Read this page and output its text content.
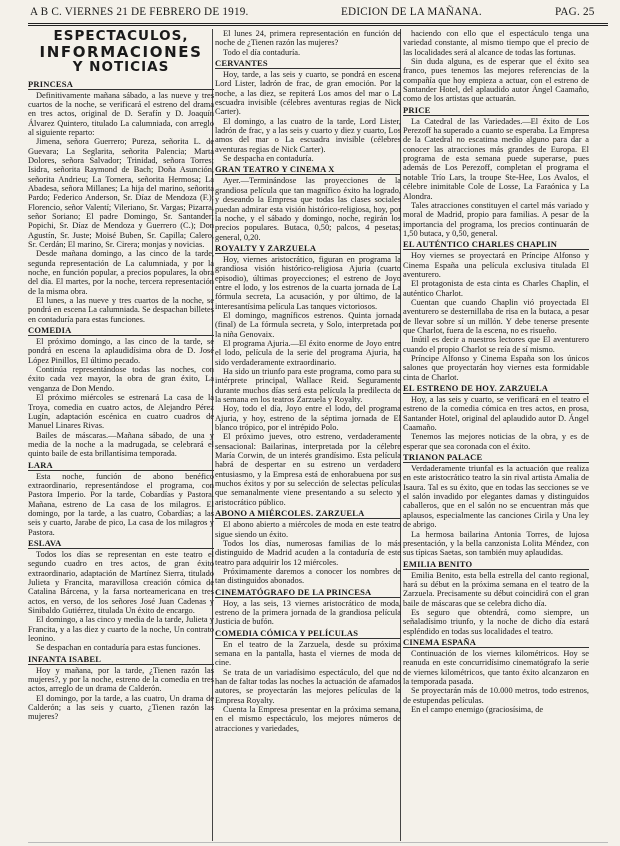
A B C. VIERNES 21 DE FEBRERO DE 1919.	EDICION DE LA MAÑANA.	PAG. 25
ESPECTACULOS,
INFORMACIONES
Y NOTICIAS
PRINCESA

Definitivamente mañana sábado, a las nueve y tres cuartos de la noche, se verificará el estreno del drama en tres actos, original de D. Serafín y D. Joaquín Álvarez Quintero, titulado La calumniada, con arreglo al siguiente reparto:

Jimena, señora Guerrero; Pureza, señorita L. de Guevara; La Seglarita, señorita Palencia; Marta Dolores, señora Salvador; Trinidad, señora Torres; Isidra, señorita Raymond de Bach; Doña Asunción, señorita Andrieu; La Tornera, señorita Hermosa; La Abadesa, señora Millanes; La hija del marino, señorita Pardo; Federico Anderson, Sr. Díaz de Mendoza (F.); Florencio, señor Valentí; Vileriano, Sr. Vargas; Pizarra, señor Soriano; El padre Domingo, Sr. Santander; Popichi, Sr. Díaz de Mendoza y Guerrero (C.); Don Agustín, Sr. Juste; Moisé Buben, Sr. Capilla; Calero, Sr. Cerdán; El marino, Sr. Cirera; monjas y novicias.

Desde mañana domingo, a las cinco de la tarde, segunda representación de La calumniada, y por la noche, en función popular, a precios populares, la obra del día. El martes, por la noche, tercera representación de la misma obra.

El lunes, a las nueve y tres cuartos de la noche, se pondrá en escena La calumniada. Se despachan billetes en contaduría para estas funciones.

COMEDIA

El próximo domingo, a las cinco de la tarde, se pondrá en escena la aplaudidísima obra de D. José López Pinillos, El último pecado.

Continúa representándose todas las noches, con éxito cada vez mayor, la obra de gran éxito, La venganza de Don Mendo.

El próximo miércoles se estrenará La casa de la Troya, comedia en cuatro actos, de Alejandro Pérez Lugín, adaptación escénica en cuatro cuadros de Manuel Linares Rivas.

Bailes de máscaras.—Mañana sábado, de una y media de la noche a la madrugada, se celebrará el quinto baile de esta brillantísima temporada.

LARA

Esta noche, función de abono benéfico extraordinario, representándose el programa, con Pastora Imperio. Por la tarde, Cobardías y Pastora. Mañana, estreno de La casa de los milagros. El domingo, por la tarde, a las cuatro, Cobardías; a las seis y cuarto, Jarabe de pico, La casa de los milagros y Pastora.

ESLAVA

Todos los días se representan en este teatro el segundo cuadro en tres actos, de gran éxito extraordinario, adaptación de Martínez Sierra, titulado Julieta y Francita, maravillosa creación cómica de Catalina Bárcena, y la farsa norteamericana en tres actos, en verso, de los señores José Juan Cadenas y Sinibaldo Gutiérrez, titulada Un éxito de encargo.

El domingo, a las cinco y media de la tarde, Julieta y Francita, y a las diez y cuarto de la noche, Un contrato leonino.

Se despachan en contaduría para estas funciones.

INFANTA ISABEL

Hoy y mañana, por la tarde, ¿Tienen razón las mujeres?, y por la noche, estreno de la comedia en tres actos, arreglo de un drama de Calderón.

El domingo, por la tarde, a las cuatro, Un drama de Calderón; a las seis y cuarto, ¿Tienen razón las mujeres?

El lunes 24, primera representación en función de noche de ¿Tienen razón las mujeres?

Todo el día contaduría.

CERVANTES

Hoy, tarde, a las seis y cuarto, se pondrá en escena Lord Lister, ladrón de frac, de gran emoción. Por la noche, a las diez, se repiterá Los amos del mar o La escuadra invisible (célebres aventuras regias de Nick Carter).

El domingo, a las cuatro de la tarde, Lord Lister, ladrón de frac, y a las seis y cuarto y diez y cuarto, Los amos del mar o La escuadra invisible (célebres aventuras regias de Nick Carter).

Se despacha en contaduría.

GRAN TEATRO Y CINEMA X

Ayer.—Terminándose las proyecciones de la grandiosa película que tan magnífico éxito ha logrado, y deseando la Empresa que todas las clases sociales puedan admirar esta visión histórico-religiosa, hoy, por la noche, y el sábado y domingo, noche, regirán los precios populares. Butaca, 0,50; palcos, 4 pesetas; general, 0,20.

ROYALTY Y ZARZUELA

Hoy, viernes aristocrático, figuran en programa la grandiosa visión histórico-religiosa Ajuria (cuarto episodio), últimas proyecciones; el estreno de Joyo entre el lodo, y los estrenos de la cuarta jornada de La fórmula secreta, La acusación, y por último, de la interesantísima película Las tanques victoriosos.

El domingo, magníficos estrenos. Quinta jornada (final) de La fórmula secreta, y Solo, interpretada por la niña Genovaix.

El programa Ajuria.—El éxito enorme de Joyo entre el lodo, película de la serie del programa Ajuria, ha sido verdaderamente extraordinario.

Ha sido un triunfo para este programa, como para su intérprete principal, Wallace Reid. Seguramente durante muchos días será esta película la predilecta de la semana en los teatros Zarzuela y Royalty.

Hoy, todo el día, Joyo entre el lodo, del programa Ajuria, y hoy, estreno de la séptima jornada de El blanco trópico, por el intrépido Polo.

El próximo jueves, otro estreno, verdaderamente sensacional: Bailarinas, interpretada por la célebre María Corwin, de un interés grandísimo. Esta película habrá de despertar en su estreno un verdadero entusiasmo, y la Empresa está de enhorabuena por sus muchos éxitos y por su selección de selectas películas que semanalmente viene presentando a su selecto y aristocrático público.

ABONO A MIÉRCOLES. ZARZUELA

El abono abierto a miércoles de moda en este teatro sigue siendo un éxito.

Todos los días, numerosas familias de lo más distinguido de Madrid acuden a la contaduría de este teatro para adquirir los 12 miércoles.

Próximamente daremos a conocer los nombres de tan distinguidos abonados.

CINEMATÓGRAFO DE LA PRINCESA

Hoy, a las seis, 13 viernes aristocrático de moda, estreno de la primera jornada de la grandiosa película Justicia de bufón.

COMEDIA CÓMICA Y PELÍCULAS

En el teatro de la Zarzuela, desde su próxima semana en la pantalla, hasta el viernes de moda de cine.

Se trata de un variadísimo espectáculo, del que no han de faltar todas las noches la actuación de afamados autores, se proyectarán las mejores películas de la Empresa Royalty.

Cuenta la Empresa presentar en la próxima semana, en el mismo espectáculo, los mejores números de atracciones y variedades,

haciendo con ello que el espectáculo tenga una variedad constante, al mismo tiempo que el precio de las localidades será al alcance de todas las fortunas.

Sin duda alguna, es de esperar que el éxito sea franco, pues tenemos las mejores referencias de la compañía que hoy empieza a actuar, con el estreno de Santander Hotel, del aplaudido autor Ángel Caamaño, como de los artistas que actuarán.

PRICE

La Catedral de las Variedades.—El éxito de Los Perezoff ha superado a cuanto se esperaba. La Empresa de la Catedral no escatima medio alguno para dar a conocer las atracciones más grandes de Europa. El programa de esta semana puede superarse, pues además de Los Perezoff, completan el programa el notable Trío Lars, la troupe Ste-Hee, Los Avalos, el célebre inimitable Cole de Losse, La Faraónica y La Alondra.

Tales atracciones constituyen el cartel más variado y moral de Madrid, propio para familias. A pesar de la importancia del programa, los precios continuarán de 1,50 butaca, y 0,50, general.

EL AUTÉNTICO CHARLES CHAPLIN

Hoy viernes se proyectará en Príncipe Alfonso y Cinema España una película exclusiva titulada El aventurero.

El protagonista de esta cinta es Charles Chaplin, el auténtico Charlot.

Cuentan que cuando Chaplin vió proyectada El aventurero se desternillaba de risa en la butaca, a pesar de llevar sobre sí un millón. Y debe tenerse presente que Charlot, fuera de la escena, no es risueño.

Inútil es decir a nuestros lectores que El aventurero cuando el propio Charlot se reía de sí mismo.

Príncipe Alfonso y Cinema España son los únicos salones que proyectarán hoy viernes esta formidable cinta de Charlot.

EL ESTRENO DE HOY. ZARZUELA

Hoy, a las seis y cuarto, se verificará en el teatro el estreno de la comedia cómica en tres actos, en prosa, Santander Hotel, original del aplaudido autor D. Ángel Caamaño.

Tenemos las mejores noticias de la obra, y es de esperar que sea coronada con el éxito.

TRIANON PALACE

Verdaderamente triunfal es la actuación que realiza en este aristocrático teatro la sin rival artista Amalia de Isaura. Tal es su éxito, que en todas las secciones se ve el salón invadido por elegantes damas y distinguidos caballeros, que en el salón no se encuentran más que aplausos, especialmente las canciones Cirila y Una ley de abrigo.

La hermosa bailarina Antonia Torres, de lujosa presentación, y la bella canzonista Lolita Méndez, con sus típicas Saetas, son también muy aplaudidas.

EMILIA BENITO

Emilia Benito, esta bella estrella del canto regional, hará su début en la próxima semana en el teatro de la Zarzuela. Precisamente su début coincidirá con el gran baile de máscaras que se celebra dicho día.

Es seguro que obtendrá, como siempre, un señaladísimo triunfo, y la noche de dicho día estará espléndido en todas sus localidades el teatro.

CINEMA ESPAÑA

Continuación de los viernes kilométricos. Hoy se reanuda en este concurridísimo cinematógrafo la serie de viernes kilométricos, que tanto éxito alcanzaron en la temporada pasada.

Se proyectarán más de 10.000 metros, todo estrenos, de estupendas películas.

En el campo enemigo (graciosísima, de
